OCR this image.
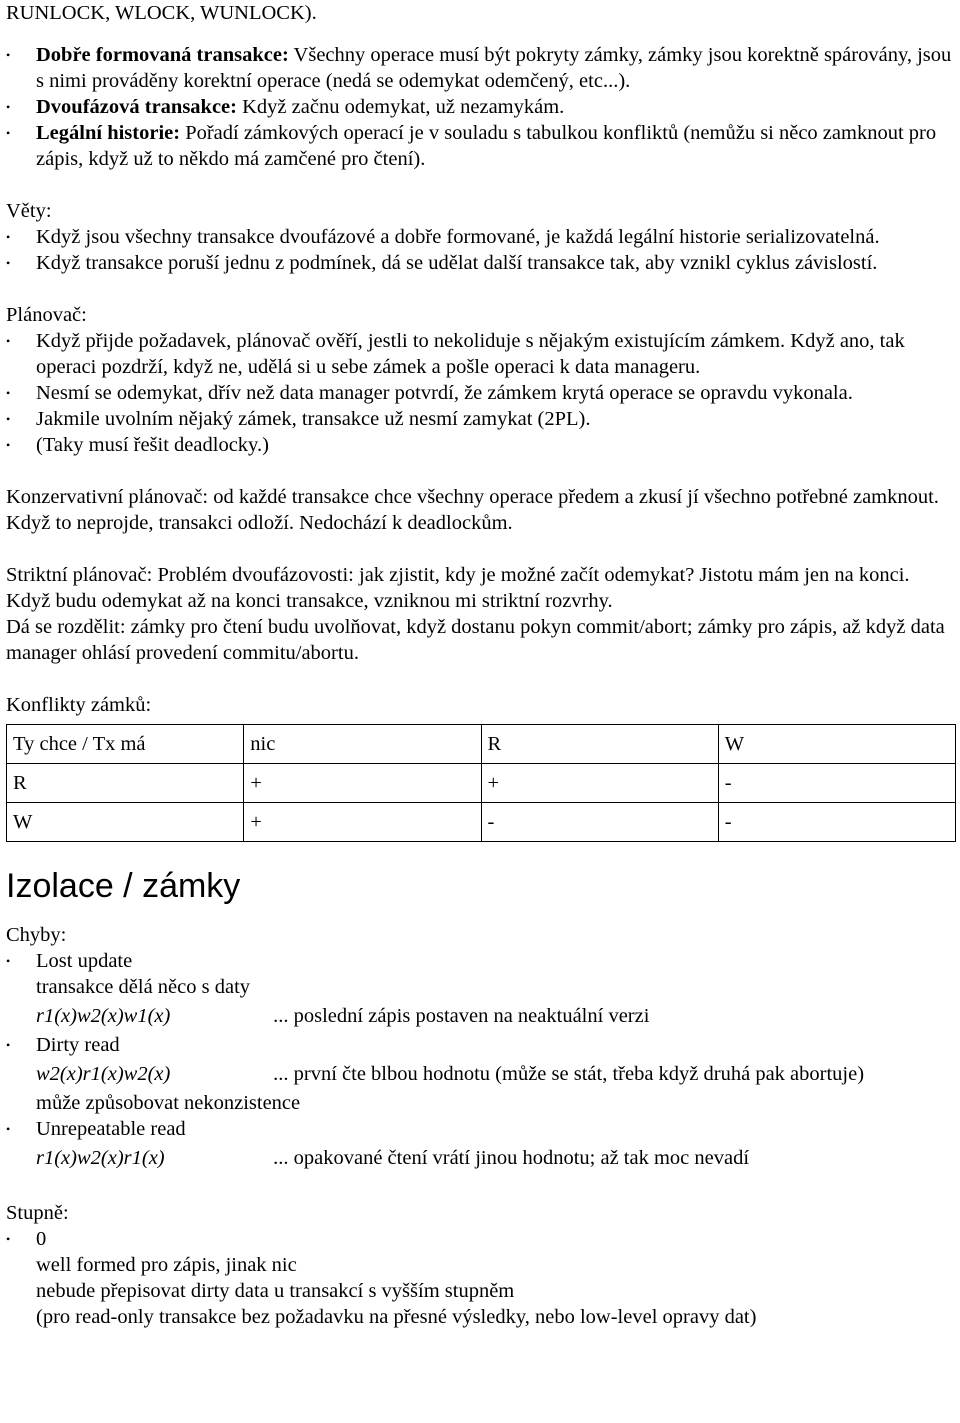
RUNLOCK, WLOCK, WUNLOCK).

• Dobře formovaná transakce: Všechny operace musí být pokryty zámky, zámky jsou korektně spárovány, jsou s nimi prováděny korektní operace (nedá se odemykat odemčený, etc...).
• Dvoufázová transakce: Když začnu odemykat, už nezamykám.
• Legální historie: Pořadí zámkových operací je v souladu s tabulkou konfliktů (nemůžu si něco zamknout pro zápis, když už to někdo má zamčené pro čtení).

Věty:

• Když jsou všechny transakce dvoufázové a dobře formované, je každá legální historie serializovatelná.
• Když transakce poruší jednu z podmínek, dá se udělat další transakce tak, aby vznikl cyklus závislostí.

Plánovač:

• Když přijde požadavek, plánovač ověří, jestli to nekoliduje s nějakým existujícím zámkem. Když ano, tak operaci pozdrží, když ne, udělá si u sebe zámek a pošle operaci k data manageru.
• Nesmí se odemykat, dřív než data manager potvrdí, že zámkem krytá operace se opravdu vykonala.
• Jakmile uvolním nějaký zámek, transakce už nesmí zamykat (2PL).
• (Taky musí řešit deadlocky.)

Konzervativní plánovač: od každé transakce chce všechny operace předem a zkusí jí všechno potřebné zamknout. Když to neprojde, transakci odloží. Nedochází k deadlockům.

Striktní plánovač: Problém dvoufázovosti: jak zjistit, kdy je možné začít odemykat? Jistotu mám jen na konci. Když budu odemykat až na konci transakce, vzniknou mi striktní rozvrhy.

Dá se rozdělit: zámky pro čtení budu uvolňovat, když dostanu pokyn commit/abort; zámky pro zápis, až když data manager ohlásí provedení commitu/abortu.

Konflikty zámků:

Ty chce / Tx má	nic	R	W
R	+	+	-
W	+	-	-
Izolace / zámky

Chyby:

• Lost update
transakce dělá něco s daty
r1(x)w2(x)w1(x)	... poslední zápis postaven na neaktuální verzi
• Dirty read
w2(x)r1(x)w2(x)	... první čte blbou hodnotu (může se stát, třeba když druhá pak abortuje)
může způsobovat nekonzistence
• Unrepeatable read
r1(x)w2(x)r1(x)	... opakované čtení vrátí jinou hodnotu; až tak moc nevadí

Stupně:

• 0
well formed pro zápis, jinak nic
nebude přepisovat dirty data u transakcí s vyšším stupněm
(pro read-only transakce bez požadavku na přesné výsledky, nebo low-level opravy dat)
